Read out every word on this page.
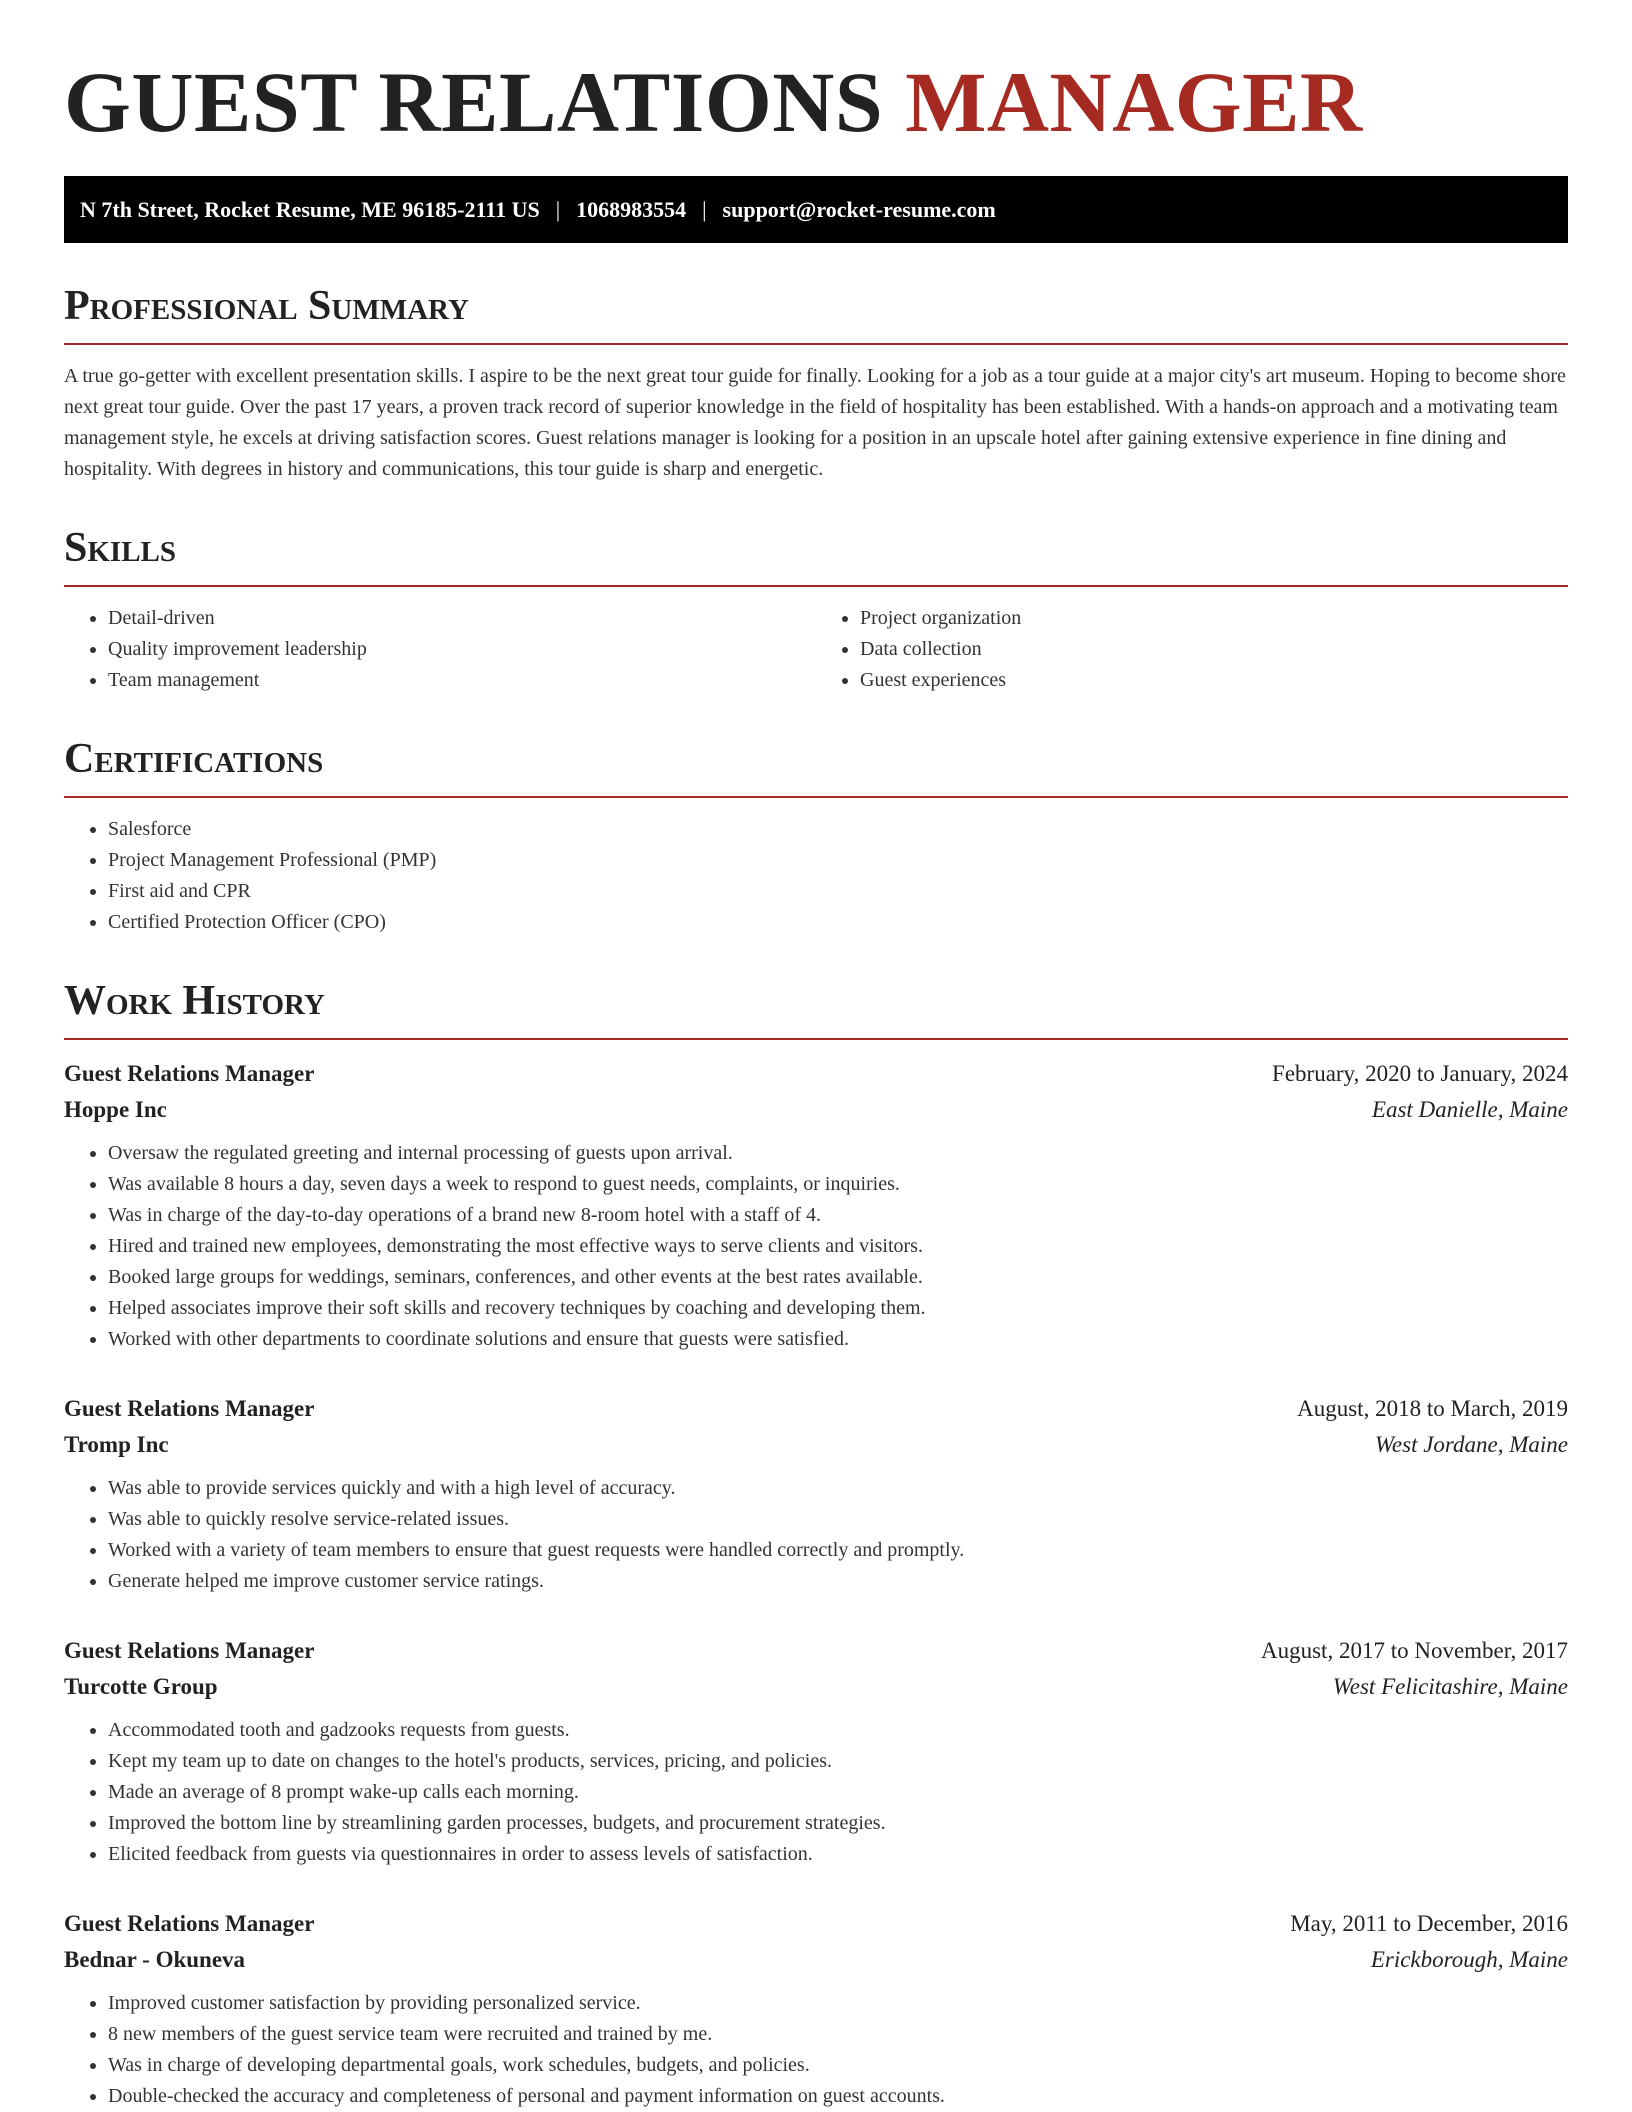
GUEST RELATIONS MANAGER
N 7th Street, Rocket Resume, ME 96185-2111 US | 1068983554 | support@rocket-resume.com
Professional Summary

A true go-getter with excellent presentation skills. I aspire to be the next great tour guide for finally. Looking for a job as a tour guide at a major city's art museum. Hoping to become shore next great tour guide. Over the past 17 years, a proven track record of superior knowledge in the field of hospitality has been established. With a hands-on approach and a motivating team management style, he excels at driving satisfaction scores. Guest relations manager is looking for a position in an upscale hotel after gaining extensive experience in fine dining and hospitality. With degrees in history and communications, this tour guide is sharp and energetic.

Skills
• Detail-driven
• Quality improvement leadership
• Team management
• Project organization
• Data collection
• Guest experiences
Certifications
• Salesforce
• Project Management Professional (PMP)
• First aid and CPR
• Certified Protection Officer (CPO)
Work History
Guest Relations Manager	February, 2020 to January, 2024
Hoppe Inc	East Danielle, Maine
• Oversaw the regulated greeting and internal processing of guests upon arrival.
• Was available 8 hours a day, seven days a week to respond to guest needs, complaints, or inquiries.
• Was in charge of the day-to-day operations of a brand new 8-room hotel with a staff of 4.
• Hired and trained new employees, demonstrating the most effective ways to serve clients and visitors.
• Booked large groups for weddings, seminars, conferences, and other events at the best rates available.
• Helped associates improve their soft skills and recovery techniques by coaching and developing them.
• Worked with other departments to coordinate solutions and ensure that guests were satisfied.
Guest Relations Manager	August, 2018 to March, 2019
Tromp Inc	West Jordane, Maine
• Was able to provide services quickly and with a high level of accuracy.
• Was able to quickly resolve service-related issues.
• Worked with a variety of team members to ensure that guest requests were handled correctly and promptly.
• Generate helped me improve customer service ratings.
Guest Relations Manager	August, 2017 to November, 2017
Turcotte Group	West Felicitashire, Maine
• Accommodated tooth and gadzooks requests from guests.
• Kept my team up to date on changes to the hotel's products, services, pricing, and policies.
• Made an average of 8 prompt wake-up calls each morning.
• Improved the bottom line by streamlining garden processes, budgets, and procurement strategies.
• Elicited feedback from guests via questionnaires in order to assess levels of satisfaction.
Guest Relations Manager	May, 2011 to December, 2016
Bednar - Okuneva	Erickborough, Maine
• Improved customer satisfaction by providing personalized service.
• 8 new members of the guest service team were recruited and trained by me.
• Was in charge of developing departmental goals, work schedules, budgets, and policies.
• Double-checked the accuracy and completeness of personal and payment information on guest accounts.
